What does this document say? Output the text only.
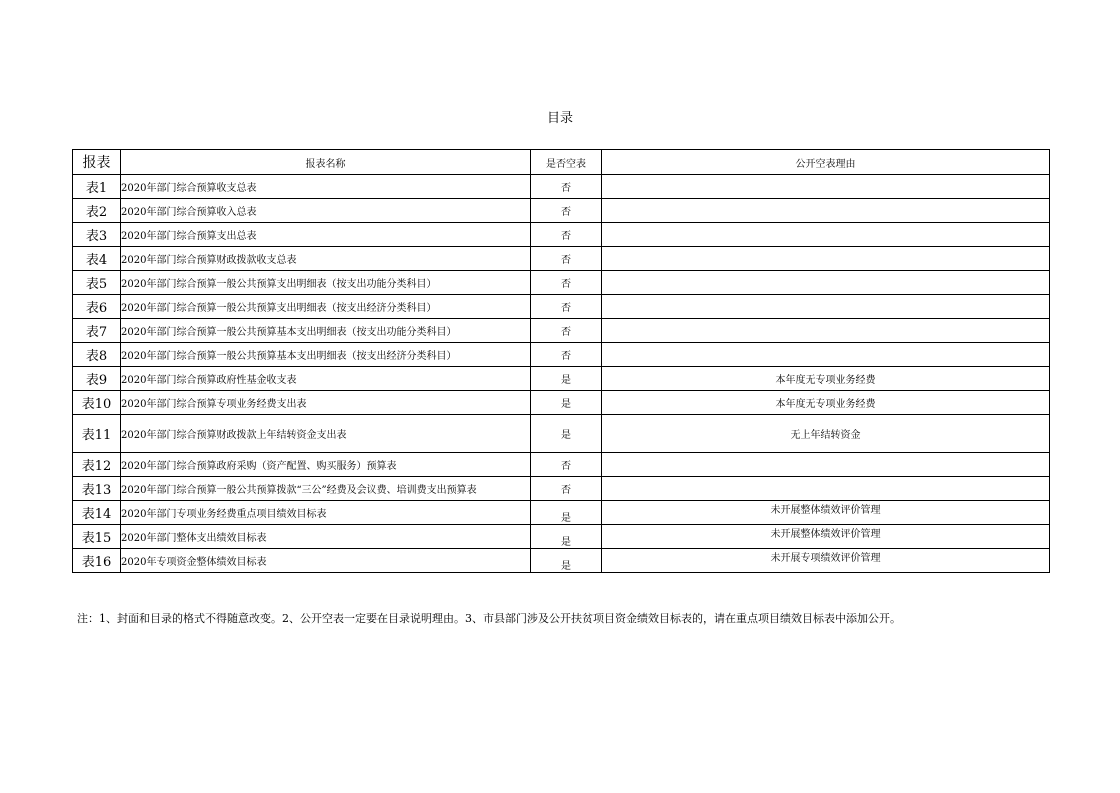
目录
报表	报表名称	是否空表	公开空表理由
表1	2020年部门综合预算收支总表	否	
表2	2020年部门综合预算收入总表	否	
表3	2020年部门综合预算支出总表	否	
表4	2020年部门综合预算财政拨款收支总表	否	
表5	2020年部门综合预算一般公共预算支出明细表（按支出功能分类科目）	否	
表6	2020年部门综合预算一般公共预算支出明细表（按支出经济分类科目）	否	
表7	2020年部门综合预算一般公共预算基本支出明细表（按支出功能分类科目）	否	
表8	2020年部门综合预算一般公共预算基本支出明细表（按支出经济分类科目）	否	
表9	2020年部门综合预算政府性基金收支表	是	本年度无专项业务经费
表10	2020年部门综合预算专项业务经费支出表	是	本年度无专项业务经费
表11	2020年部门综合预算财政拨款上年结转资金支出表	是	无上年结转资金
表12	2020年部门综合预算政府采购（资产配置、购买服务）预算表	否	
表13	2020年部门综合预算一般公共预算拨款“三公”经费及会议费、培训费支出预算表	否	
表14	2020年部门专项业务经费重点项目绩效目标表	是	未开展整体绩效评价管理
表15	2020年部门整体支出绩效目标表	是	未开展整体绩效评价管理
表16	2020年专项资金整体绩效目标表	是	未开展专项绩效评价管理
注：1、封面和目录的格式不得随意改变。2、公开空表一定要在目录说明理由。3、市县部门涉及公开扶贫项目资金绩效目标表的，请在重点项目绩效目标表中添加公开。
